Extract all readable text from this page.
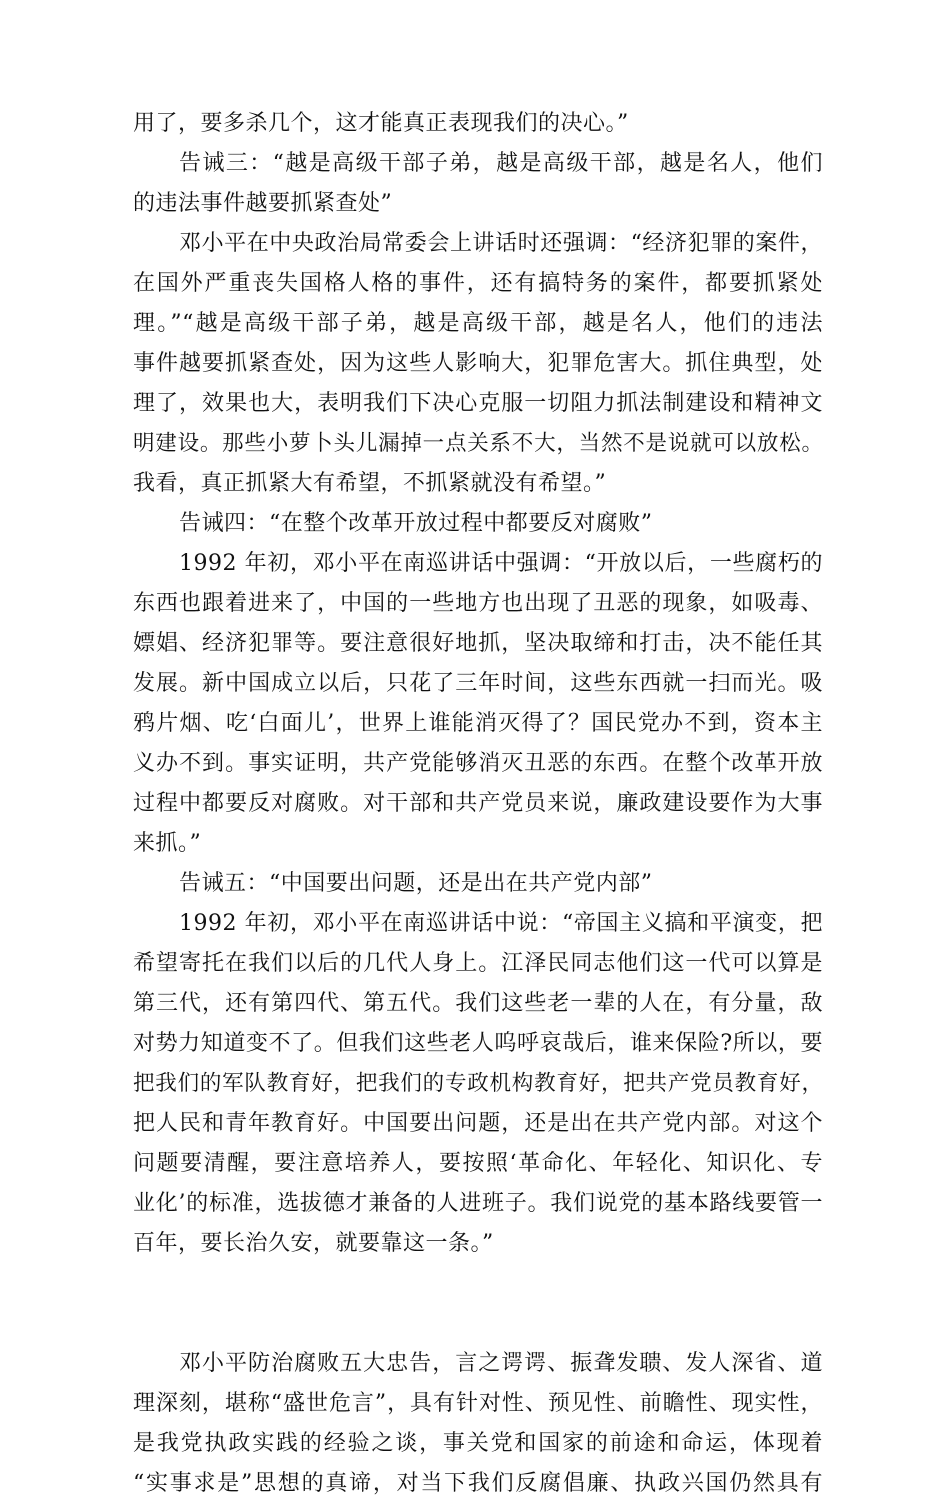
用了，要多杀几个，这才能真正表现我们的决心。”
告诫三：“越是高级干部子弟，越是高级干部，越是名人，他们
的违法事件越要抓紧查处”
邓小平在中央政治局常委会上讲话时还强调：“经济犯罪的案件，
在国外严重丧失国格人格的事件，还有搞特务的案件，都要抓紧处
理。”“越是高级干部子弟，越是高级干部，越是名人，他们的违法
事件越要抓紧查处，因为这些人影响大，犯罪危害大。抓住典型，处
理了，效果也大，表明我们下决心克服一切阻力抓法制建设和精神文
明建设。那些小萝卜头儿漏掉一点关系不大，当然不是说就可以放松。
我看，真正抓紧大有希望，不抓紧就没有希望。”
告诫四：“在整个改革开放过程中都要反对腐败”
1992 年初，邓小平在南巡讲话中强调：“开放以后，一些腐朽的
东西也跟着进来了，中国的一些地方也出现了丑恶的现象，如吸毒、
嫖娼、经济犯罪等。要注意很好地抓，坚决取缔和打击，决不能任其
发展。新中国成立以后，只花了三年时间，这些东西就一扫而光。吸
鸦片烟、吃‘白面儿’，世界上谁能消灭得了？国民党办不到，资本主
义办不到。事实证明，共产党能够消灭丑恶的东西。在整个改革开放
过程中都要反对腐败。对干部和共产党员来说，廉政建设要作为大事
来抓。”
告诫五：“中国要出问题，还是出在共产党内部”
1992 年初，邓小平在南巡讲话中说：“帝国主义搞和平演变，把
希望寄托在我们以后的几代人身上。江泽民同志他们这一代可以算是
第三代，还有第四代、第五代。我们这些老一辈的人在，有分量，敌
对势力知道变不了。但我们这些老人呜呼哀哉后，谁来保险?所以，要
把我们的军队教育好，把我们的专政机构教育好，把共产党员教育好，
把人民和青年教育好。中国要出问题，还是出在共产党内部。对这个
问题要清醒，要注意培养人，要按照‘革命化、年轻化、知识化、专
业化’的标准，选拔德才兼备的人进班子。我们说党的基本路线要管一
百年，要长治久安，就要靠这一条。”
邓小平防治腐败五大忠告，言之谔谔、振聋发聩、发人深省、道
理深刻，堪称“盛世危言”，具有针对性、预见性、前瞻性、现实性，
是我党执政实践的经验之谈，事关党和国家的前途和命运，体现着
“实事求是”思想的真谛，对当下我们反腐倡廉、执政兴国仍然具有
